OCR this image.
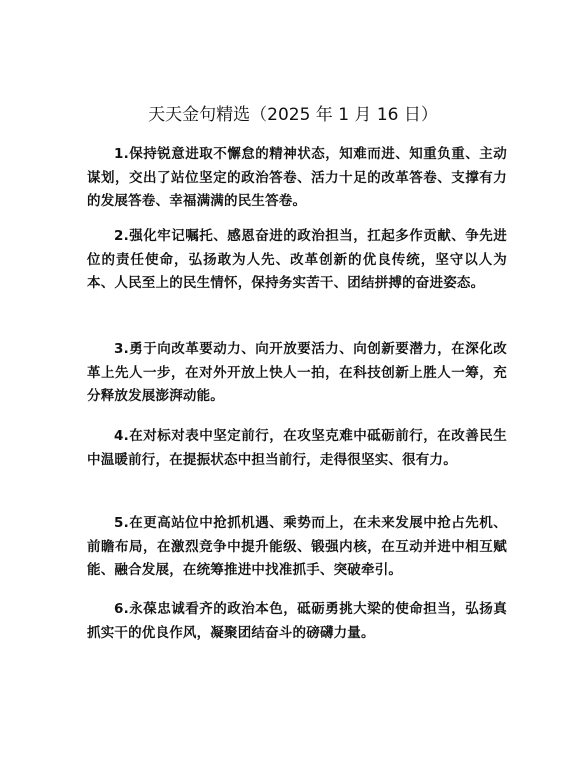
天天金句精选（2025 年 1 月 16 日）

1.保持锐意进取不懈怠的精神状态，知难而进、知重负重、主动谋划，交出了站位坚定的政治答卷、活力十足的改革答卷、支撑有力的发展答卷、幸福满满的民生答卷。

2.强化牢记嘱托、感恩奋进的政治担当，扛起多作贡献、争先进位的责任使命，弘扬敢为人先、改革创新的优良传统，坚守以人为本、人民至上的民生情怀，保持务实苦干、团结拼搏的奋进姿态。

3.勇于向改革要动力、向开放要活力、向创新要潜力，在深化改革上先人一步，在对外开放上快人一拍，在科技创新上胜人一筹，充分释放发展澎湃动能。

4.在对标对表中坚定前行，在攻坚克难中砥砺前行，在改善民生中温暖前行，在提振状态中担当前行，走得很坚实、很有力。

5.在更高站位中抢抓机遇、乘势而上，在未来发展中抢占先机、前瞻布局，在激烈竞争中提升能级、锻强内核，在互动并进中相互赋能、融合发展，在统筹推进中找准抓手、突破牵引。

6.永葆忠诚看齐的政治本色，砥砺勇挑大梁的使命担当，弘扬真抓实干的优良作风，凝聚团结奋斗的磅礴力量。
